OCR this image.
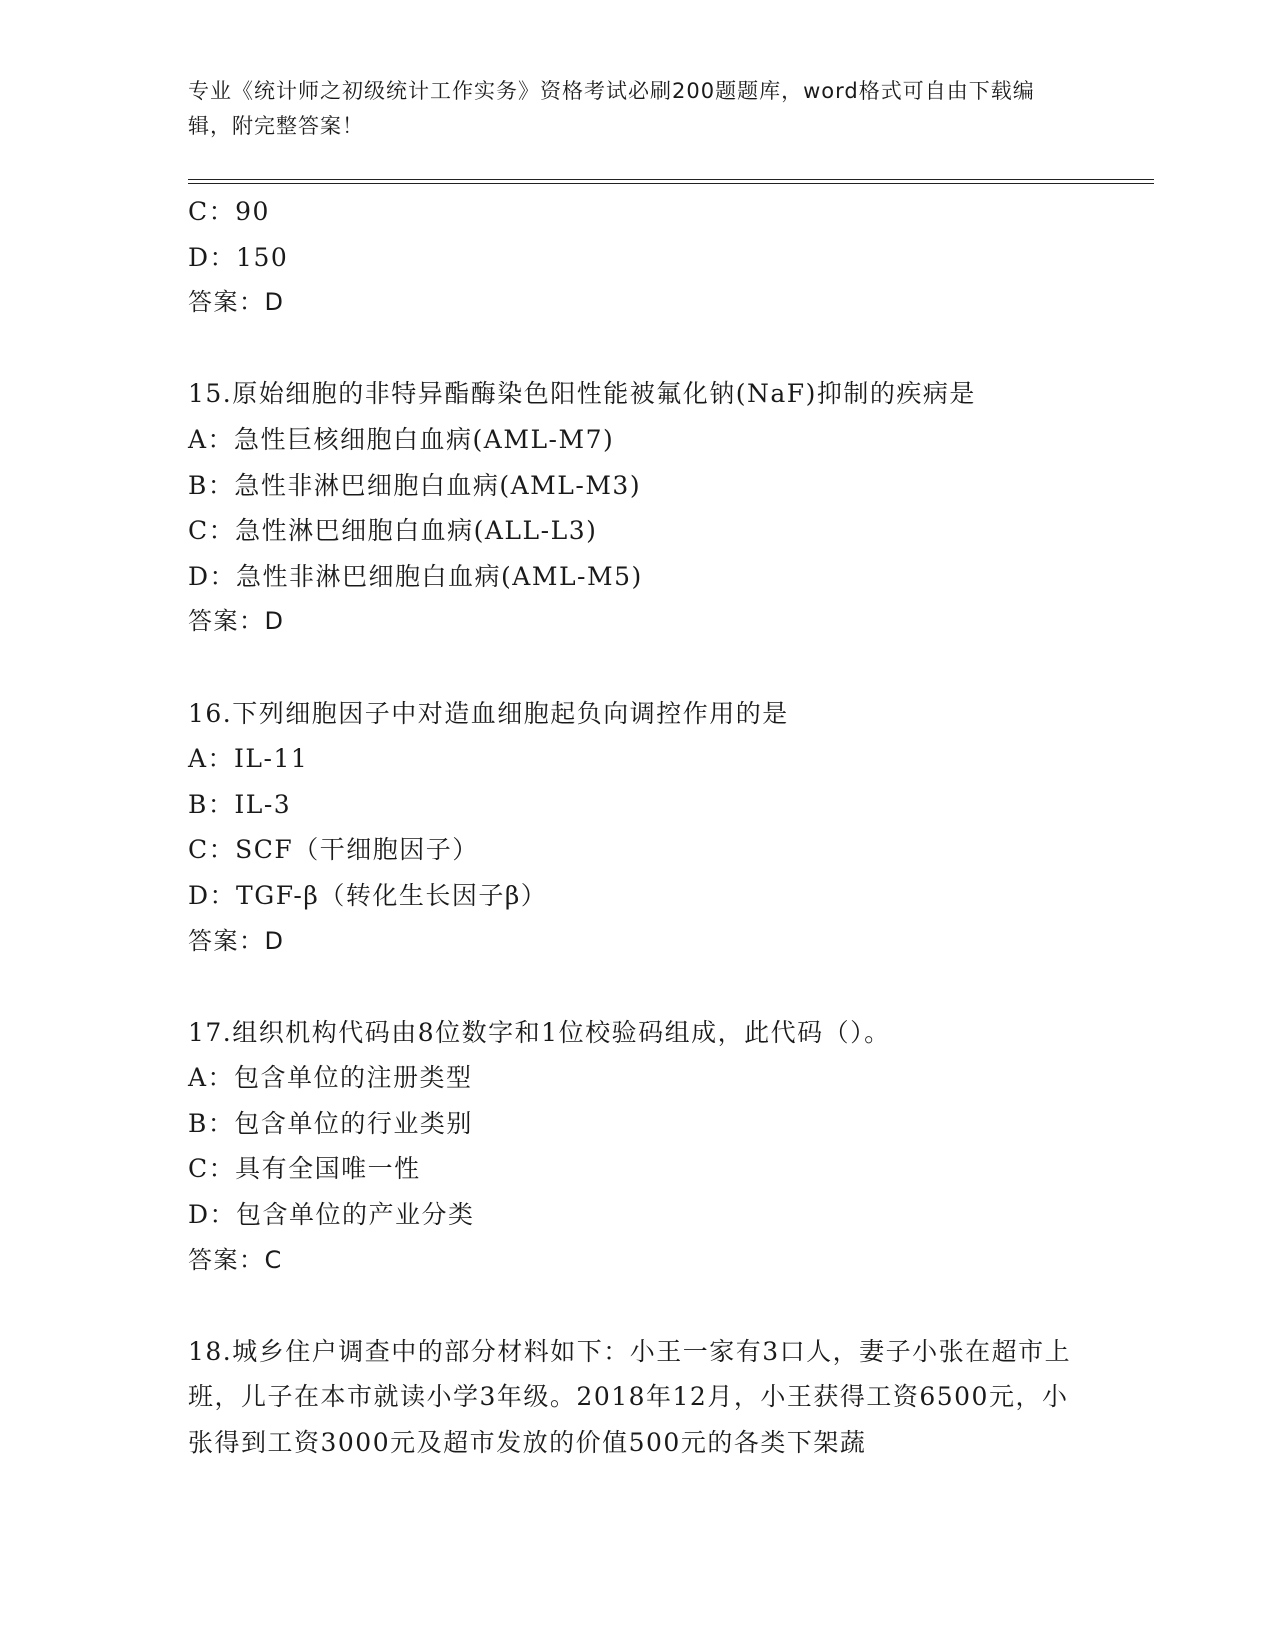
专业《统计师之初级统计工作实务》资格考试必刷200题题库，word格式可自由下载编辑，附完整答案！
C：90
D：150
答案：D
15.原始细胞的非特异酯酶染色阳性能被氟化钠(NaF)抑制的疾病是
A：急性巨核细胞白血病(AML-M7)
B：急性非淋巴细胞白血病(AML-M3)
C：急性淋巴细胞白血病(ALL-L3)
D：急性非淋巴细胞白血病(AML-M5)
答案：D
16.下列细胞因子中对造血细胞起负向调控作用的是
A：IL-11
B：IL-3
C：SCF（干细胞因子）
D：TGF-β（转化生长因子β）
答案：D
17.组织机构代码由8位数字和1位校验码组成，此代码（）。
A：包含单位的注册类型
B：包含单位的行业类别
C：具有全国唯一性
D：包含单位的产业分类
答案：C
18.城乡住户调查中的部分材料如下：小王一家有3口人，妻子小张在超市上班，儿子在本市就读小学3年级。2018年12月，小王获得工资6500元，小张得到工资3000元及超市发放的价值500元的各类下架蔬
